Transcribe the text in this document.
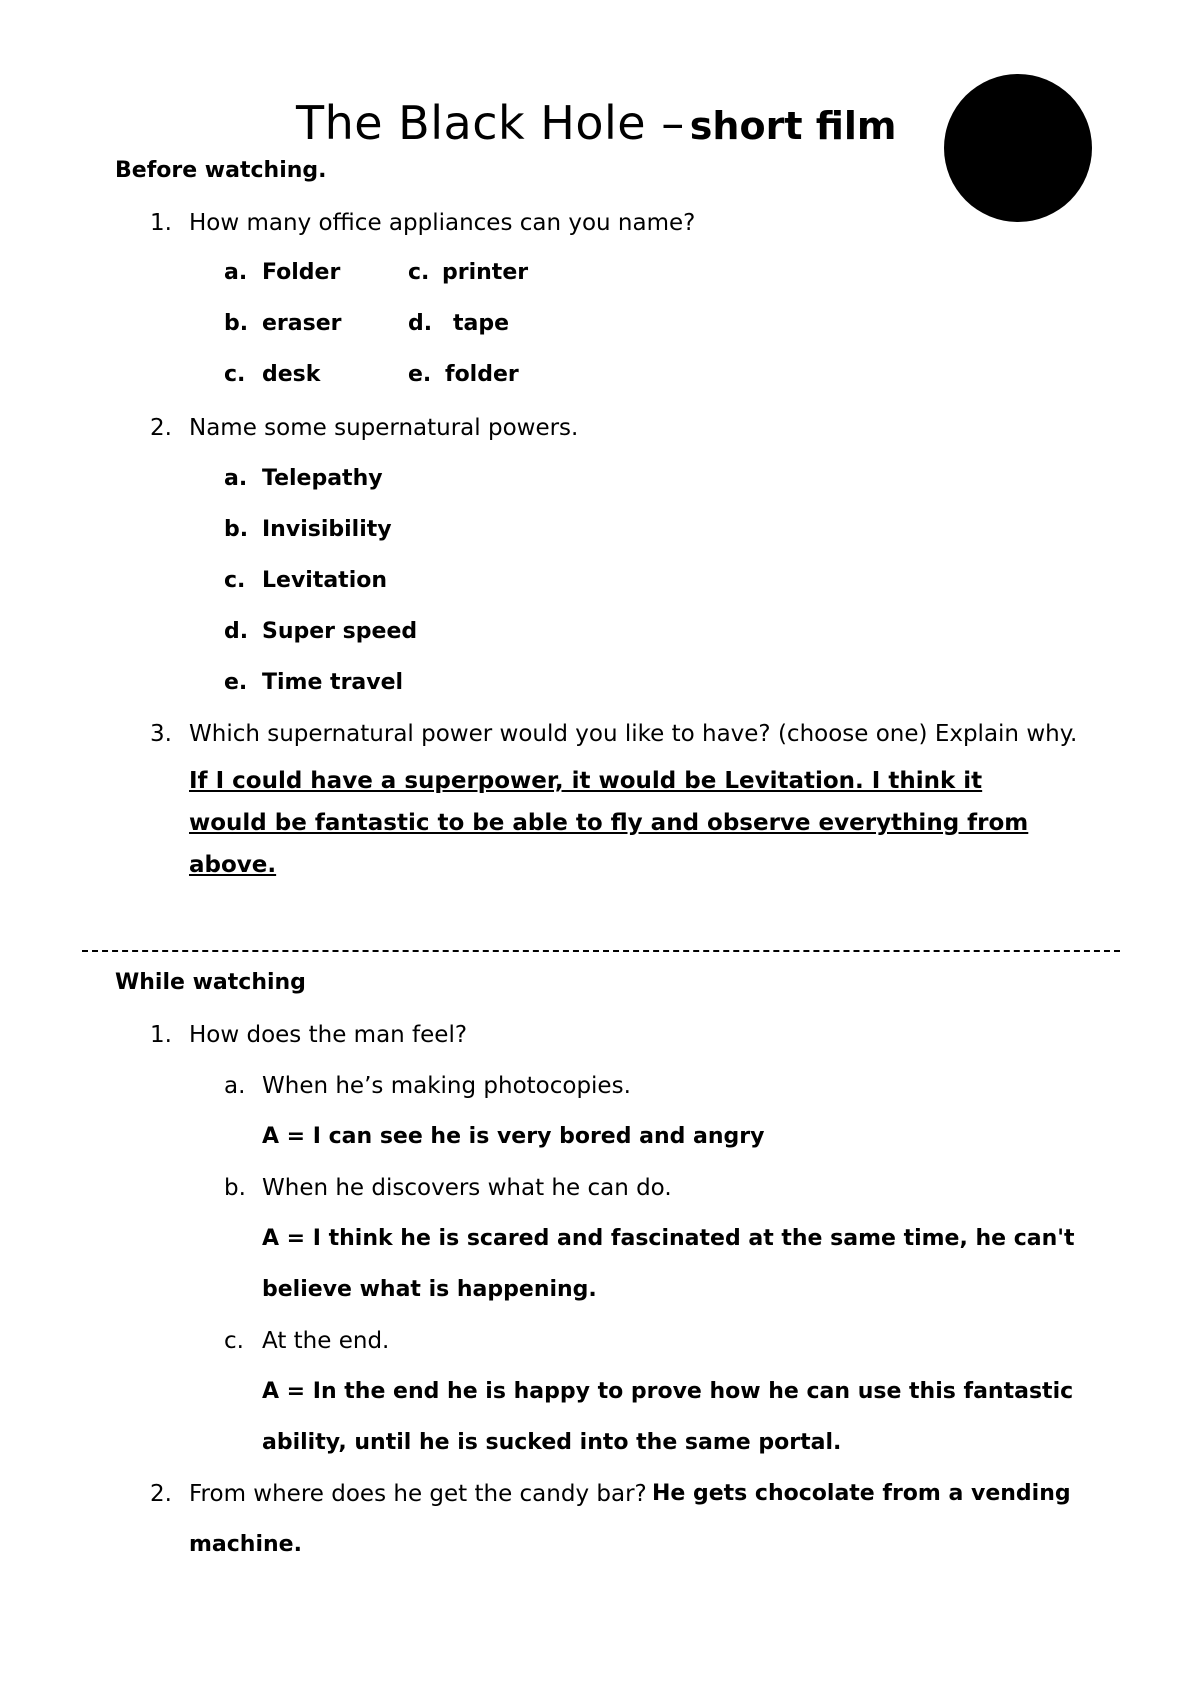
The Black Hole – short film
Before watching.
1. How many office appliances can you name?
a. Folder	c. printer
b. eraser	d. tape
c. desk	e. folder
2. Name some supernatural powers.
a. Telepathy
b. Invisibility
c. Levitation
d. Super speed
e. Time travel
3. Which supernatural power would you like to have? (choose one) Explain why.
If I could have a superpower, it would be Levitation. I think it
would be fantastic to be able to fly and observe everything from
above.
While watching
1. How does the man feel?
a. When he’s making photocopies.
A = I can see he is very bored and angry
b. When he discovers what he can do.
A = I think he is scared and fascinated at the same time, he can't
believe what is happening.
c. At the end.
A = In the end he is happy to prove how he can use this fantastic
ability, until he is sucked into the same portal.
2. From where does he get the candy bar? He gets chocolate from a vending
machine.
